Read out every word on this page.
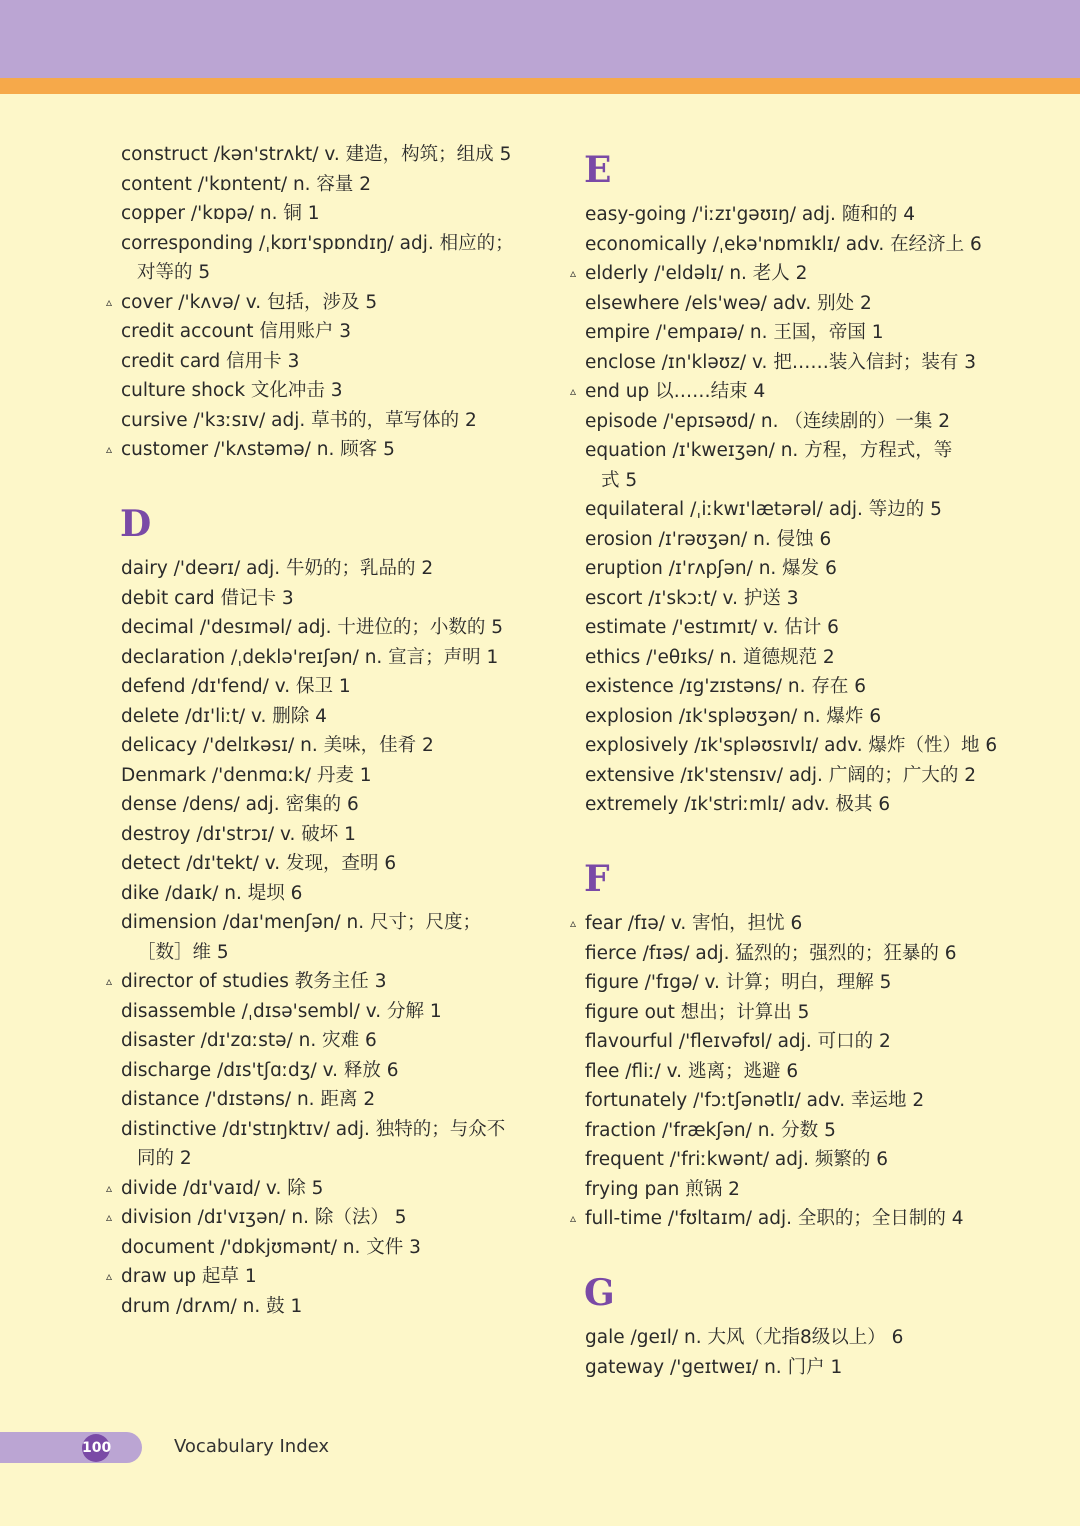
construct /kən'strʌkt/ v. 建造，构筑；组成 5
content /'kɒntent/ n. 容量 2
copper /'kɒpə/ n. 铜 1
corresponding /ˌkɒrɪ'spɒndɪŋ/ adj. 相应的；
对等的 5
▵ cover /'kʌvə/ v. 包括，涉及 5
credit account 信用账户 3
credit card 信用卡 3
culture shock 文化冲击 3
cursive /'kɜːsɪv/ adj. 草书的，草写体的 2
▵ customer /'kʌstəmə/ n. 顾客 5
D
dairy /'deərɪ/ adj. 牛奶的；乳品的 2
debit card 借记卡 3
decimal /'desɪməl/ adj. 十进位的；小数的 5
declaration /ˌdeklə'reɪʃən/ n. 宣言；声明 1
defend /dɪ'fend/ v. 保卫 1
delete /dɪ'liːt/ v. 删除 4
delicacy /'delɪkəsɪ/ n. 美味，佳肴 2
Denmark /'denmɑːk/ 丹麦 1
dense /dens/ adj. 密集的 6
destroy /dɪ'strɔɪ/ v. 破坏 1
detect /dɪ'tekt/ v. 发现，查明 6
dike /daɪk/ n. 堤坝 6
dimension /daɪ'menʃən/ n. 尺寸；尺度；
［数］维 5
▵ director of studies 教务主任 3
disassemble /ˌdɪsə'sembl/ v. 分解 1
disaster /dɪ'zɑːstə/ n. 灾难 6
discharge /dɪs'tʃɑːdʒ/ v. 释放 6
distance /'dɪstəns/ n. 距离 2
distinctive /dɪ'stɪŋktɪv/ adj. 独特的；与众不
同的 2
▵ divide /dɪ'vaɪd/ v. 除 5
▵ division /dɪ'vɪʒən/ n. 除（法） 5
document /'dɒkjʊmənt/ n. 文件 3
▵ draw up 起草 1
drum /drʌm/ n. 鼓 1
E
easy-going /'iːzɪ'gəʊɪŋ/ adj. 随和的 4
economically /ˌekə'nɒmɪklɪ/ adv. 在经济上 6
▵ elderly /'eldəlɪ/ n. 老人 2
elsewhere /els'weə/ adv. 别处 2
empire /'empaɪə/ n. 王国，帝国 1
enclose /ɪn'kləʊz/ v. 把……装入信封；装有 3
▵ end up 以……结束 4
episode /'epɪsəʊd/ n. （连续剧的）一集 2
equation /ɪ'kweɪʒən/ n. 方程，方程式，等
式 5
equilateral /ˌiːkwɪ'lætərəl/ adj. 等边的 5
erosion /ɪ'rəʊʒən/ n. 侵蚀 6
eruption /ɪ'rʌpʃən/ n. 爆发 6
escort /ɪ'skɔːt/ v. 护送 3
estimate /'estɪmɪt/ v. 估计 6
ethics /'eθɪks/ n. 道德规范 2
existence /ɪg'zɪstəns/ n. 存在 6
explosion /ɪk'spləʊʒən/ n. 爆炸 6
explosively /ɪk'spləʊsɪvlɪ/ adv. 爆炸（性）地 6
extensive /ɪk'stensɪv/ adj. 广阔的；广大的 2
extremely /ɪk'striːmlɪ/ adv. 极其 6
F
▵ fear /fɪə/ v. 害怕，担忧 6
fierce /fɪəs/ adj. 猛烈的；强烈的；狂暴的 6
figure /'fɪgə/ v. 计算；明白，理解 5
figure out 想出；计算出 5
flavourful /'fleɪvəfʊl/ adj. 可口的 2
flee /fliː/ v. 逃离；逃避 6
fortunately /'fɔːtʃənətlɪ/ adv. 幸运地 2
fraction /'frækʃən/ n. 分数 5
frequent /'friːkwənt/ adj. 频繁的 6
frying pan 煎锅 2
▵ full-time /'fʊltaɪm/ adj. 全职的；全日制的 4
G
gale /geɪl/ n. 大风（尤指8级以上） 6
gateway /'geɪtweɪ/ n. 门户 1
100	Vocabulary Index
